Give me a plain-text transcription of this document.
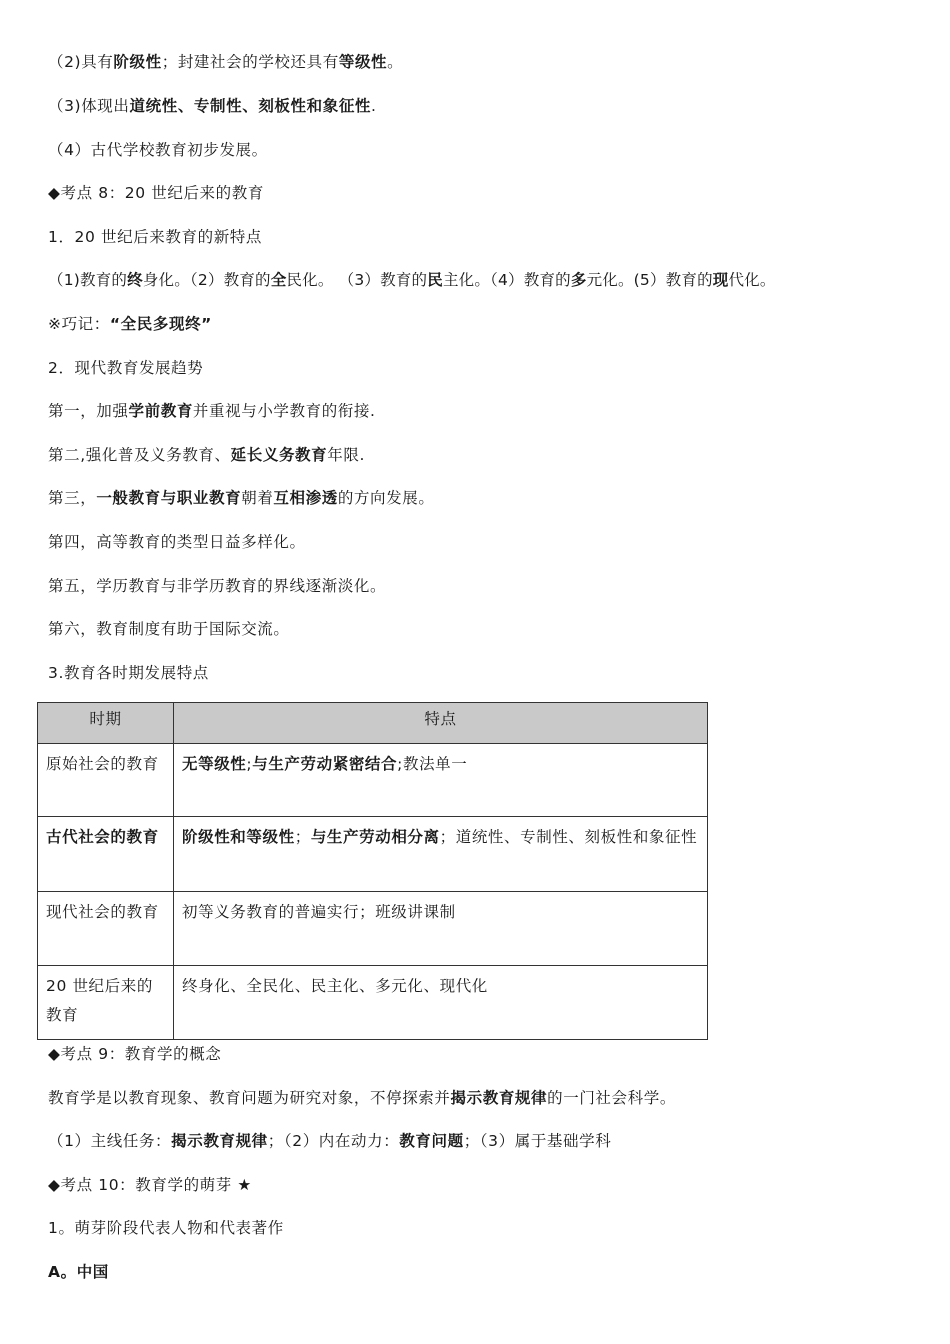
（2)具有阶级性；封建社会的学校还具有等级性。
（3)体现出道统性、专制性、刻板性和象征性.
（4）古代学校教育初步发展。
◆考点 8：20 世纪后来的教育
1．20 世纪后来教育的新特点
（1)教育的终身化。（2）教育的全民化。 （3）教育的民主化。（4）教育的多元化。(5）教育的现代化。
※巧记：“全民多现终”
2．现代教育发展趋势
第一，加强学前教育并重视与小学教育的衔接.
第二,强化普及义务教育、延长义务教育年限.
第三，一般教育与职业教育朝着互相渗透的方向发展。
第四，高等教育的类型日益多样化。
第五，学历教育与非学历教育的界线逐渐淡化。
第六，教育制度有助于国际交流。
3.教育各时期发展特点
时期	特点
原始社会的教育	无等级性;与生产劳动紧密结合;教法单一
古代社会的教育	阶级性和等级性；与生产劳动相分离；道统性、专制性、刻板性和象征性
现代社会的教育	初等义务教育的普遍实行；班级讲课制
20 世纪后来的教育	终身化、全民化、民主化、多元化、现代化
◆考点 9：教育学的概念
教育学是以教育现象、教育问题为研究对象，不停探索并揭示教育规律的一门社会科学。
（1）主线任务：揭示教育规律；（2）内在动力：教育问题；（3）属于基础学科
◆考点 10：教育学的萌芽 ★
1。萌芽阶段代表人物和代表著作
A。中国
